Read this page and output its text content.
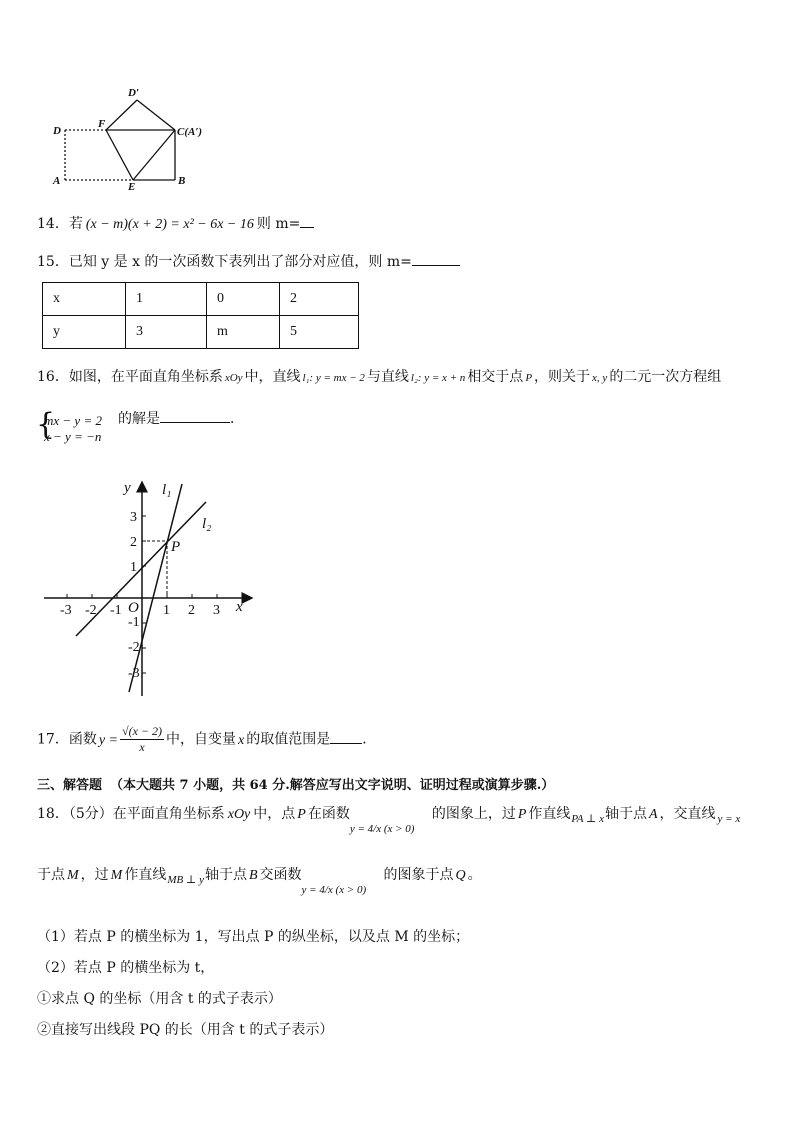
D
F
D′
C(A′)
A	E	B
14．若 (x − m)(x + 2) = x² − 6x − 16 则 m=
15．已知 y 是 x 的一次函数下表列出了部分对应值，则 m=
x	1	0	2
y	3	m	5
16．如图，在平面直角坐标系 xOy 中，直线 l₁: y = mx − 2 与直线 l₂: y = x + n 相交于点 P ，则关于 x, y 的二元一次方程组
{
mx − y = 2
x − y = −n
的解是	．
-3 -2 -1	1 2 3
3
2
1
-1
-2
-3
x
y
O
P
l₁
l₂
17．函数 $y = \frac{√(x - 2)}{x}$ 中，自变量 x 的取值范围是 ．
三、解答题 （本大题共 7 小题，共 64 分.解答应写出文字说明、证明过程或演算步骤.）
18．（5分）在平面直角坐标系 xOy 中，点 P 在函数y = 4/x (x > 0)的图象上，过 P 作直线$_{PA \perp x}$轴于点 A ，交直线 $_{y = x}$
于点 M ，过 M 作直线$_{MB \perp y}$轴于点 B 交函数y = 4/x (x > 0)的图象于点 Q 。
（1）若点 P 的横坐标为 1，写出点 P 的纵坐标，以及点 M 的坐标；
（2）若点 P 的横坐标为 t，
①求点 Q 的坐标（用含 t 的式子表示）
②直接写出线段 PQ 的长（用含 t 的式子表示）
